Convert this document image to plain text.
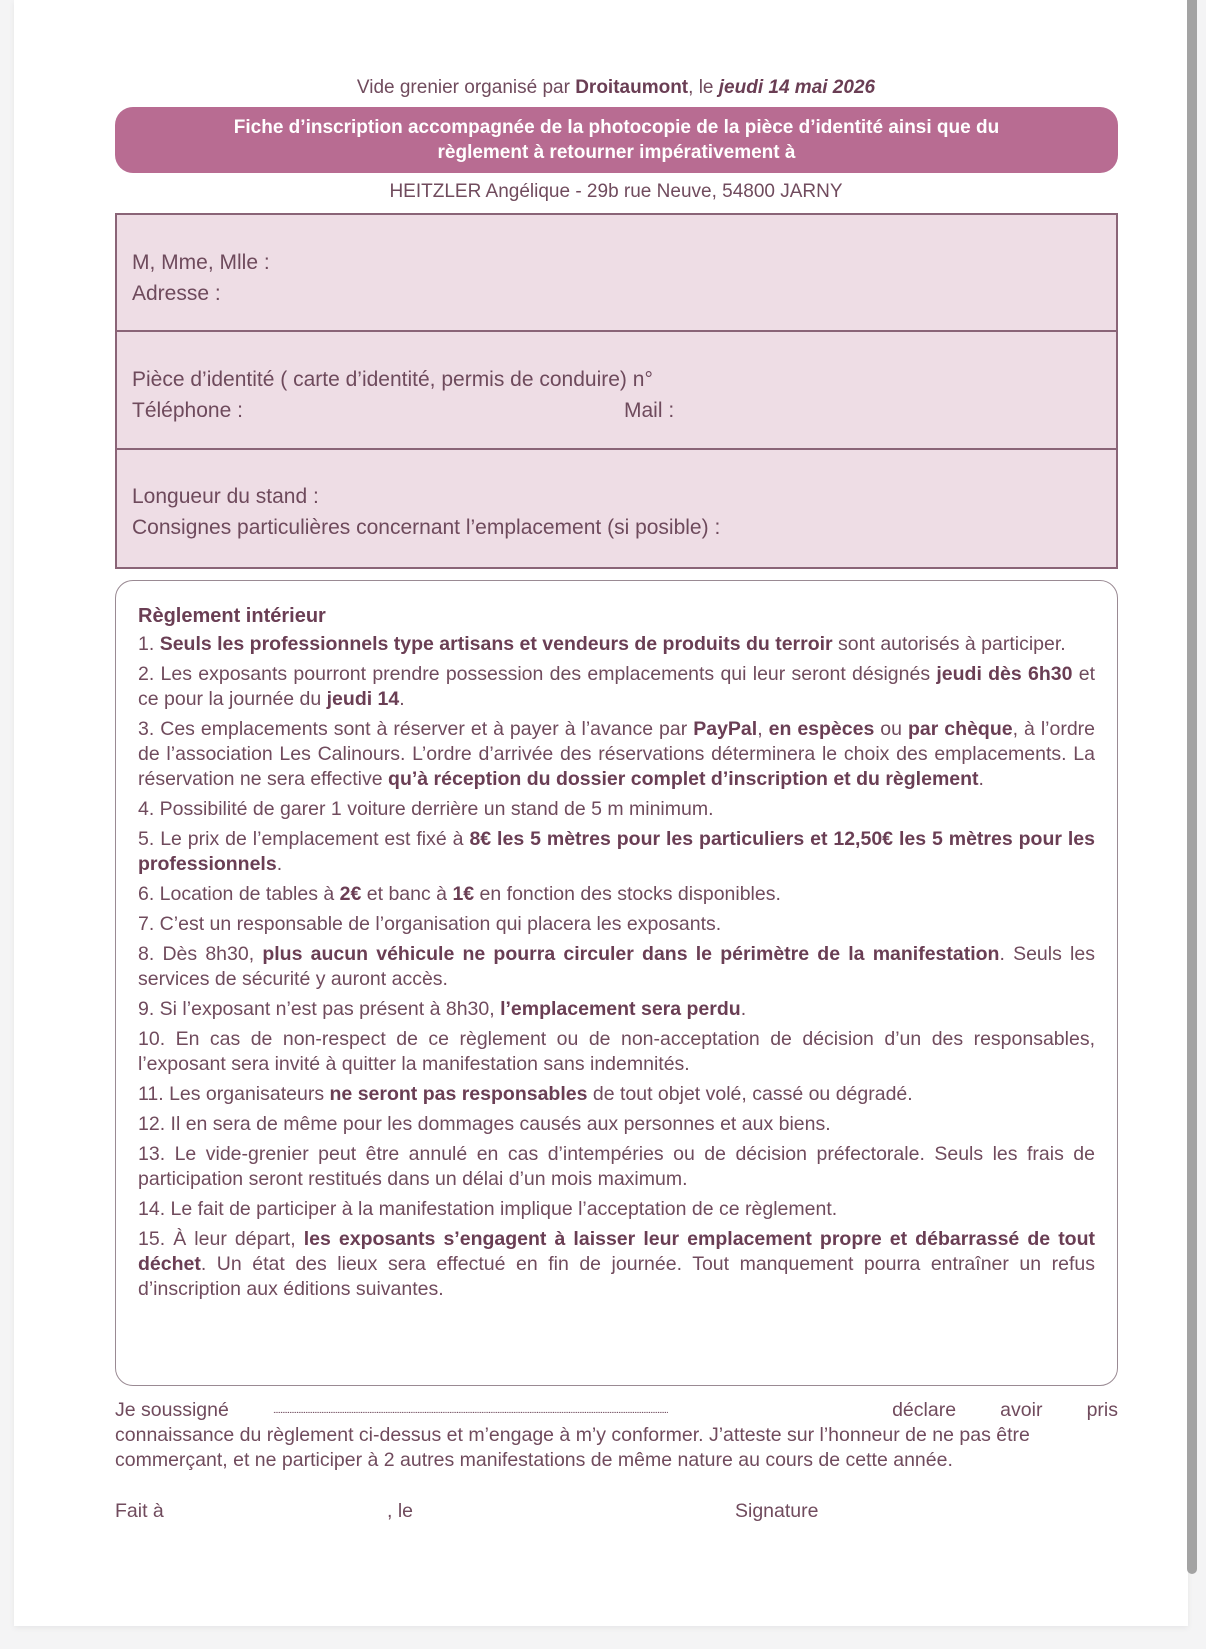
Vide grenier organisé par Droitaumont, le jeudi 14 mai 2026
Fiche d’inscription accompagnée de la photocopie de la pièce d’identité ainsi que du
règlement à retourner impérativement à
HEITZLER Angélique - 29b rue Neuve, 54800 JARNY
M, Mme, Mlle :
Adresse :
Pièce d’identité ( carte d’identité, permis de conduire) n°
Téléphone :	Mail :
Longueur du stand :
Consignes particulières concernant l’emplacement (si posible) :
Règlement intérieur
1. Seuls les professionnels type artisans et vendeurs de produits du terroir sont autorisés à participer.
2. Les exposants pourront prendre possession des emplacements qui leur seront désignés jeudi dès 6h30 et ce pour la journée du jeudi 14.
3. Ces emplacements sont à réserver et à payer à l’avance par PayPal, en espèces ou par chèque, à l’ordre de l’association Les Calinours. L’ordre d’arrivée des réservations déterminera le choix des emplacements. La réservation ne sera effective qu’à réception du dossier complet d’inscription et du règlement.
4. Possibilité de garer 1 voiture derrière un stand de 5 m minimum.
5. Le prix de l’emplacement est fixé à 8€ les 5 mètres pour les particuliers et 12,50€ les 5 mètres pour les professionnels.
6. Location de tables à 2€ et banc à 1€ en fonction des stocks disponibles.
7. C’est un responsable de l’organisation qui placera les exposants.
8. Dès 8h30, plus aucun véhicule ne pourra circuler dans le périmètre de la manifestation. Seuls les services de sécurité y auront accès.
9. Si l’exposant n’est pas présent à 8h30, l’emplacement sera perdu.
10. En cas de non-respect de ce règlement ou de non-acceptation de décision d’un des responsables, l’exposant sera invité à quitter la manifestation sans indemnités.
11. Les organisateurs ne seront pas responsables de tout objet volé, cassé ou dégradé.
12. Il en sera de même pour les dommages causés aux personnes et aux biens.
13. Le vide-grenier peut être annulé en cas d’intempéries ou de décision préfectorale. Seuls les frais de participation seront restitués dans un délai d’un mois maximum.
14. Le fait de participer à la manifestation implique l’acceptation de ce règlement.
15. À leur départ, les exposants s’engagent à laisser leur emplacement propre et débarrassé de tout déchet. Un état des lieux sera effectué en fin de journée. Tout manquement pourra entraîner un refus d’inscription aux éditions suivantes.
Je soussigné	..............................................................................................................................................................................................................................	déclare avoir pris
connaissance du règlement ci-dessus et m’engage à m’y conformer. J’atteste sur l’honneur de ne pas être commerçant, et ne participer à 2 autres manifestations de même nature au cours de cette année.
Fait à	, le	Signature
